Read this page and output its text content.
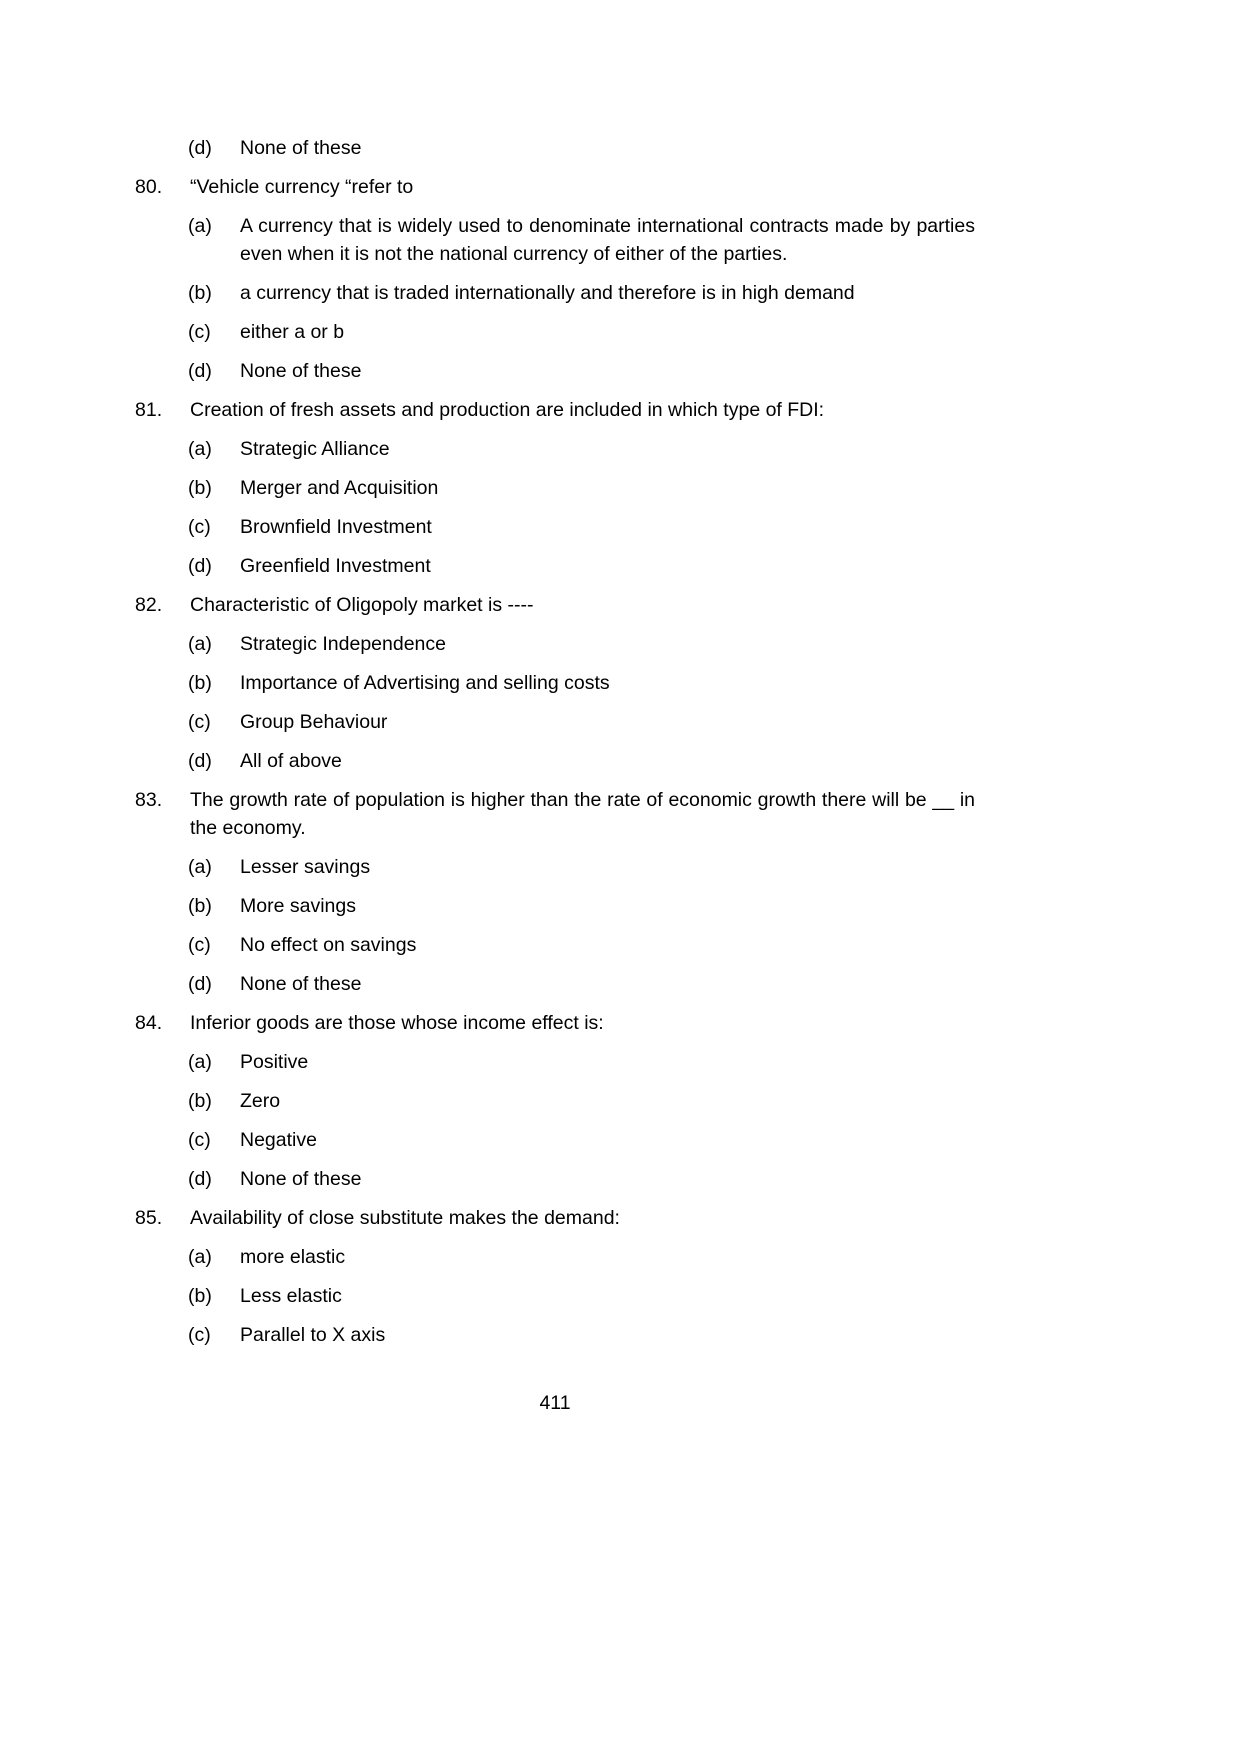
(d)	None of these
80.	“Vehicle currency “refer to
(a)	A currency that is widely used to denominate international contracts made by parties even when it is not the national currency of either of the parties.
(b)	a currency that is traded internationally and therefore is in high demand
(c)	either a or b
(d)	None of these
81.	Creation of fresh assets and production are included in which type of FDI:
(a)	Strategic Alliance
(b)	Merger and Acquisition
(c)	Brownfield Investment
(d)	Greenfield Investment
82.	Characteristic of Oligopoly market is ----
(a)	Strategic Independence
(b)	Importance of Advertising and selling costs
(c)	Group Behaviour
(d)	All of above
83.	The growth rate of population is higher than the rate of economic growth there will be __ in the economy.
(a)	Lesser savings
(b)	More savings
(c)	No effect on savings
(d)	None of these
84.	Inferior goods are those whose income effect is:
(a)	Positive
(b)	Zero
(c)	Negative
(d)	None of these
85.	Availability of close substitute makes the demand:
(a)	more elastic
(b)	Less elastic
(c)	Parallel to X axis
411
